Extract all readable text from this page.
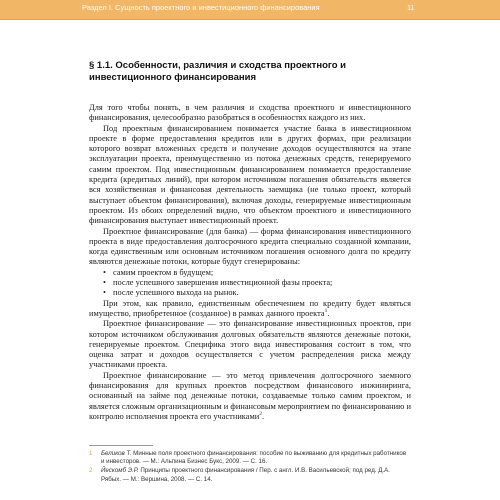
Раздел I. Сущность проектного и инвестиционного финансирования	11
§ 1.1. Особенности, различия и сходства проектного и инвестиционного финансирования

Для того чтобы понять, в чем различия и сходства проектного и инвестиционного финансирования, целесообразно разобраться в особенностях каждого из них.

Под проектным финансированием понимается участие банка в инвестиционном проекте в форме предоставления кредитов или в других формах, при реализации которого возврат вложенных средств и получение доходов осуществляются на этапе эксплуатации проекта, преимущественно из потока денежных средств, генерируемого самим проектом. Под инвестиционным финансированием понимается предоставление кредита (кредитных линий), при котором источником погашения обязательств является вся хозяйственная и финансовая деятельность заемщика (не только проект, который выступает объектом финансирования), включая доходы, генерируемые инвестиционным проектом. Из обоих определений видно, что объектом проектного и инвестиционного финансирования выступает инвестиционный проект.

Проектное финансирование (для банка) — форма финансирования инвестиционного проекта в виде предоставления долгосрочного кредита специально созданной компании, когда единственным или основным источником погашения основного долга по кредиту являются денежные потоки, которые будут сгенерированы:

• самим проектом в будущем;
• после успешного завершения инвестиционной фазы проекта;
• после успешного выхода на рынок.

При этом, как правило, единственным обеспечением по кредиту будет являться имущество, приобретенное (созданное) в рамках данного проекта$^1$.

Проектное финансирование — это финансирование инвестиционных проектов, при котором источником обслуживания долговых обязательств являются денежные потоки, генерируемые проектом. Специфика этого вида инвестирования состоит в том, что оценка затрат и доходов осуществляется с учетом распределения риска между участниками проекта.

Проектное финансирование — это метод привлечения долгосрочного заемного финансирования для крупных проектов посредством финансового инжиниринга, основанный на займе под денежные потоки, создаваемые только самим проектом, и является сложным организационным и финансовым мероприятием по финансированию и контролю исполнения проекта его участниками$^2$.

1 Беликов Т. Минные поля проектного финансирования: пособие по выживанию для кредитных работников и инвесторов. — М.: Альпина Бизнес Букс, 2009. — С. 16.
2 Йескомб Э.Р. Принципы проектного финансирования / Пер. с англ. И.В. Васильевской; под ред. Д.А. Рябых. — М.: Вершина, 2008. — С. 14.
